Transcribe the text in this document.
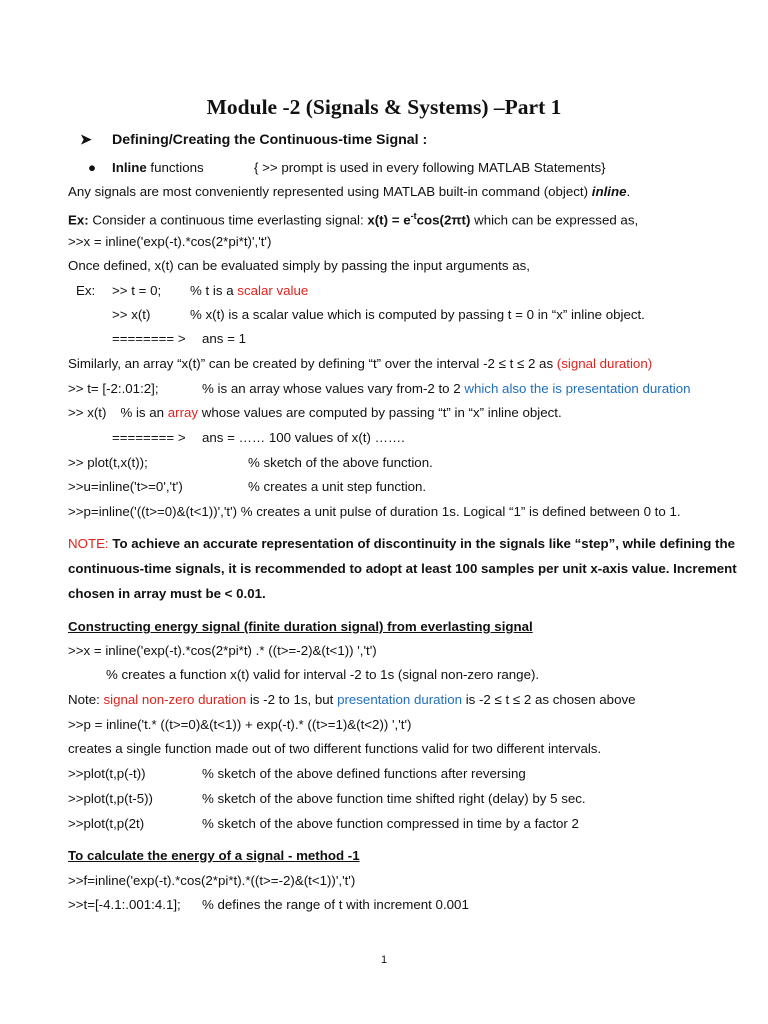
Module -2 (Signals & Systems) –Part 1
➤ Defining/Creating the Continuous-time Signal :
● Inline functions	{ >> prompt is used in every following MATLAB Statements}
Any signals are most conveniently represented using MATLAB built-in command (object) inline.
Ex: Consider a continuous time everlasting signal: $x(t) = e^{-t}\cos(2\pi t)$ which can be expressed as,
>>x = inline('exp(-t).*cos(2*pi*t)','t')
Once defined, x(t) can be evaluated simply by passing the input arguments as,
Ex: >> t = 0; % t is a scalar value
>> x(t)	% x(t) is a scalar value which is computed by passing t = 0 in “x” inline object.
======== > ans = 1
Similarly, an array “x(t)” can be created by defining “t” over the interval -2 ≤ t ≤ 2 as (signal duration)
>> t= [-2:.01:2];	% is an array whose values vary from-2 to 2 which also the is presentation duration
>> x(t) % is an array whose values are computed by passing “t” in “x” inline object.
======== > ans = …… 100 values of x(t) …….
>> plot(t,x(t));	% sketch of the above function.
>>u=inline('t>=0','t')	% creates a unit step function.
>>p=inline('((t>=0)&(t<1))','t') % creates a unit pulse of duration 1s. Logical “1” is defined between 0 to 1.
NOTE: To achieve an accurate representation of discontinuity in the signals like “step”, while defining the
continuous-time signals, it is recommended to adopt at least 100 samples per unit x-axis value. Increment
chosen in array must be < 0.01.
Constructing energy signal (finite duration signal) from everlasting signal
>>x = inline('exp(-t).*cos(2*pi*t) .* ((t>=-2)&(t<1)) ','t')
% creates a function x(t) valid for interval -2 to 1s (signal non-zero range).
Note: signal non-zero duration is -2 to 1s, but presentation duration is -2 ≤ t ≤ 2 as chosen above
>>p = inline('t.* ((t>=0)&(t<1)) + exp(-t).* ((t>=1)&(t<2)) ','t')
creates a single function made out of two different functions valid for two different intervals.
>>plot(t,p(-t))	% sketch of the above defined functions after reversing
>>plot(t,p(t-5))	% sketch of the above function time shifted right (delay) by 5 sec.
>>plot(t,p(2t)	% sketch of the above function compressed in time by a factor 2
To calculate the energy of a signal - method -1
>>f=inline('exp(-t).*cos(2*pi*t).*((t>=-2)&(t<1))','t')
>>t=[-4.1:.001:4.1]; % defines the range of t with increment 0.001
1
